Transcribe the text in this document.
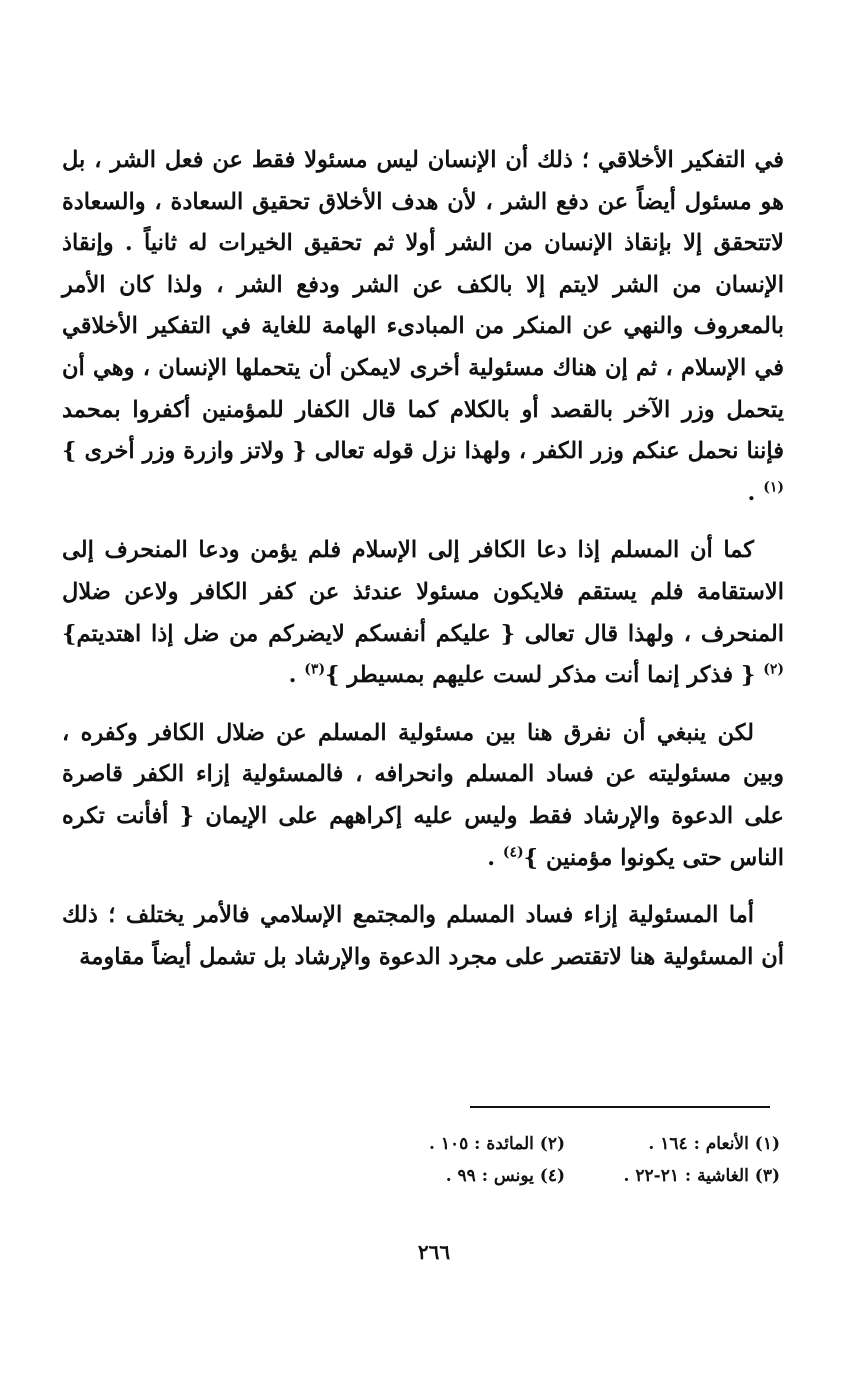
في التفكير الأخلاقي ؛ ذلك أن الإنسان ليس مسئولا فقط عن فعل الشر ، بل هو مسئول أيضاً عن دفع الشر ، لأن هدف الأخلاق تحقيق السعادة ، والسعادة لاتتحقق إلا بإنقاذ الإنسان من الشر أولا ثم تحقيق الخيرات له ثانياً . وإنقاذ الإنسان من الشر لايتم إلا بالكف عن الشر ودفع الشر ، ولذا كان الأمر بالمعروف والنهي عن المنكر من المبادىء الهامة للغاية في التفكير الأخلاقي في الإسلام ، ثم إن هناك مسئولية أخرى لايمكن أن يتحملها الإنسان ، وهي أن يتحمل وزر الآخر بالقصد أو بالكلام كما قال الكفار للمؤمنين أكفروا بمحمد فإننا نحمل عنكم وزر الكفر ، ولهذا نزل قوله تعالى { ولاتز وازرة وزر أخرى }$^{(١)}$ .

كما أن المسلم إذا دعا الكافر إلى الإسلام فلم يؤمن ودعا المنحرف إلى الاستقامة فلم يستقم فلايكون مسئولا عندئذ عن كفر الكافر ولاعن ضلال المنحرف ، ولهذا قال تعالى { عليكم أنفسكم لايضركم من ضل إذا اهتديتم} $^{(٢)}$ { فذكر إنما أنت مذكر لست عليهم بمسيطر }$^{(٣)}$ .

لكن ينبغي أن نفرق هنا بين مسئولية المسلم عن ضلال الكافر وكفره ، وبين مسئوليته عن فساد المسلم وانحرافه ، فالمسئولية إزاء الكفر قاصرة على الدعوة والإرشاد فقط وليس عليه إكراههم على الإيمان { أفأنت تكره الناس حتى يكونوا مؤمنين }$^{(٤)}$ .

أما المسئولية إزاء فساد المسلم والمجتمع الإسلامي فالأمر يختلف ؛ ذلك أن المسئولية هنا لاتقتصر على مجرد الدعوة والإرشاد بل تشمل أيضاً مقاومة

(١) الأنعام : ١٦٤ .
(٢) المائدة : ١٠٥ .
(٣) الغاشية : ٢١-٢٢ .
(٤) يونس : ٩٩ .
٢٦٦
